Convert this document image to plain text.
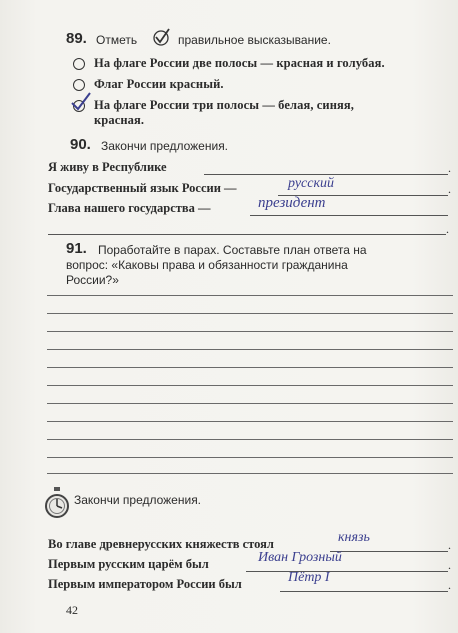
89. Отметь	правильное высказывание.
На флаге России две полосы — красная и голубая.
Флаг России красный.
На флаге России три полосы — белая, синяя,
красная.
90. Закончи предложения.
Я живу в Республике	.
Государственный язык России —	русский	.
Глава нашего государства —	президент
.
91. Поработайте в парах. Составьте план ответа на
вопрос: «Каковы права и обязанности гражданина
России?»
Закончи предложения.
Во главе древнерусских княжеств стоял	князь	.
Первым русским царём был	Иван Грозный	.
Первым императором России был	Пётр I	.
42
